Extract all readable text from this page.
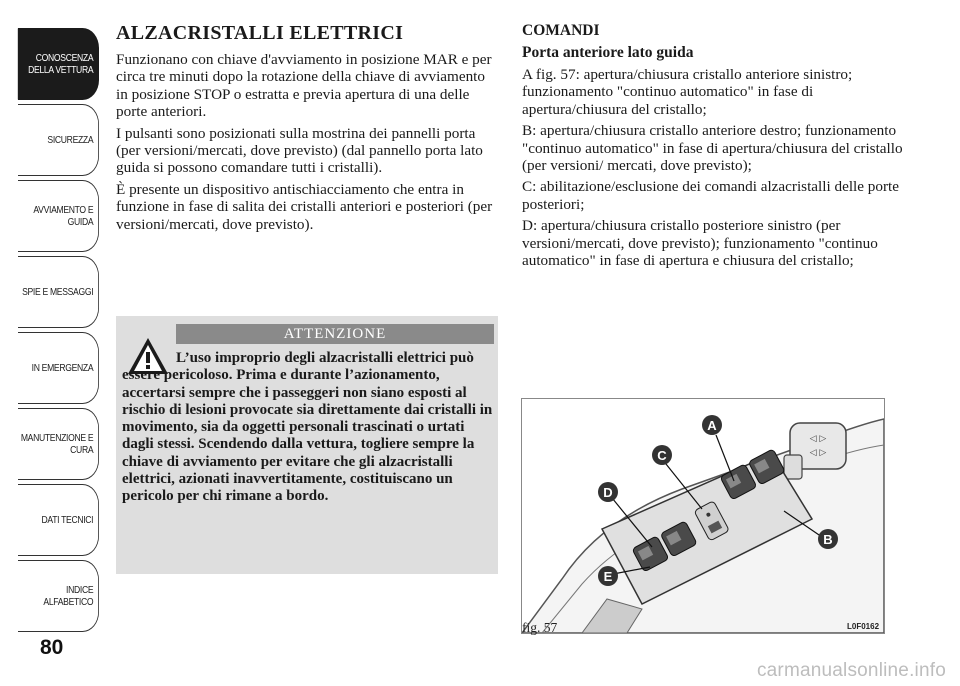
CONOSCENZA
DELLA VETTURA
SICUREZZA
AVVIAMENTO E
GUIDA
SPIE E MESSAGGI
IN EMERGENZA
MANUTENZIONE E
CURA
DATI TECNICI
INDICE
ALFABETICO
80
ALZACRISTALLI ELETTRICI

Funzionano con chiave d'avviamento in posizione MAR e per circa tre minuti dopo la rotazione della chiave di avviamento in posizione STOP o estratta e previa apertura di una delle porte anteriori.

I pulsanti sono posizionati sulla mostrina dei pannelli porta (per versioni/mercati, dove previsto) (dal pannello porta lato guida si possono comandare tutti i cristalli).

È presente un dispositivo antischiacciamento che entra in funzione in fase di salita dei cristalli anteriori e posteriori (per versioni/mercati, dove previsto).

ATTENZIONE
L’uso improprio degli alzacristalli elettrici può essere pericoloso. Prima e durante l’azionamento, accertarsi sempre che i passeggeri non siano esposti al rischio di lesioni provocate sia direttamente dai cristalli in movimento, sia da oggetti personali trascinati o urtati dagli stessi. Scendendo dalla vettura, togliere sempre la chiave di avviamento per evitare che gli alzacristalli elettrici, azionati inavvertitamente, costituiscano un pericolo per chi rimane a bordo.
COMANDI
Porta anteriore lato guida

A fig. 57: apertura/chiusura cristallo anteriore sinistro; funzionamento "continuo automatico" in fase di apertura/chiusura del cristallo;

B: apertura/chiusura cristallo anteriore destro; funzionamento "continuo automatico" in fase di apertura/chiusura del cristallo (per versioni/ mercati, dove previsto);

C: abilitazione/esclusione dei comandi alzacristalli delle porte posteriori;

D: apertura/chiusura cristallo posteriore sinistro (per versioni/mercati, dove previsto); funzionamento "continuo automatico" in fase di apertura e chiusura del cristallo;

◁ ▷
◁ ▷
A
B
C
D
E
fig. 57	L0F0162
carmanualsonline.info
